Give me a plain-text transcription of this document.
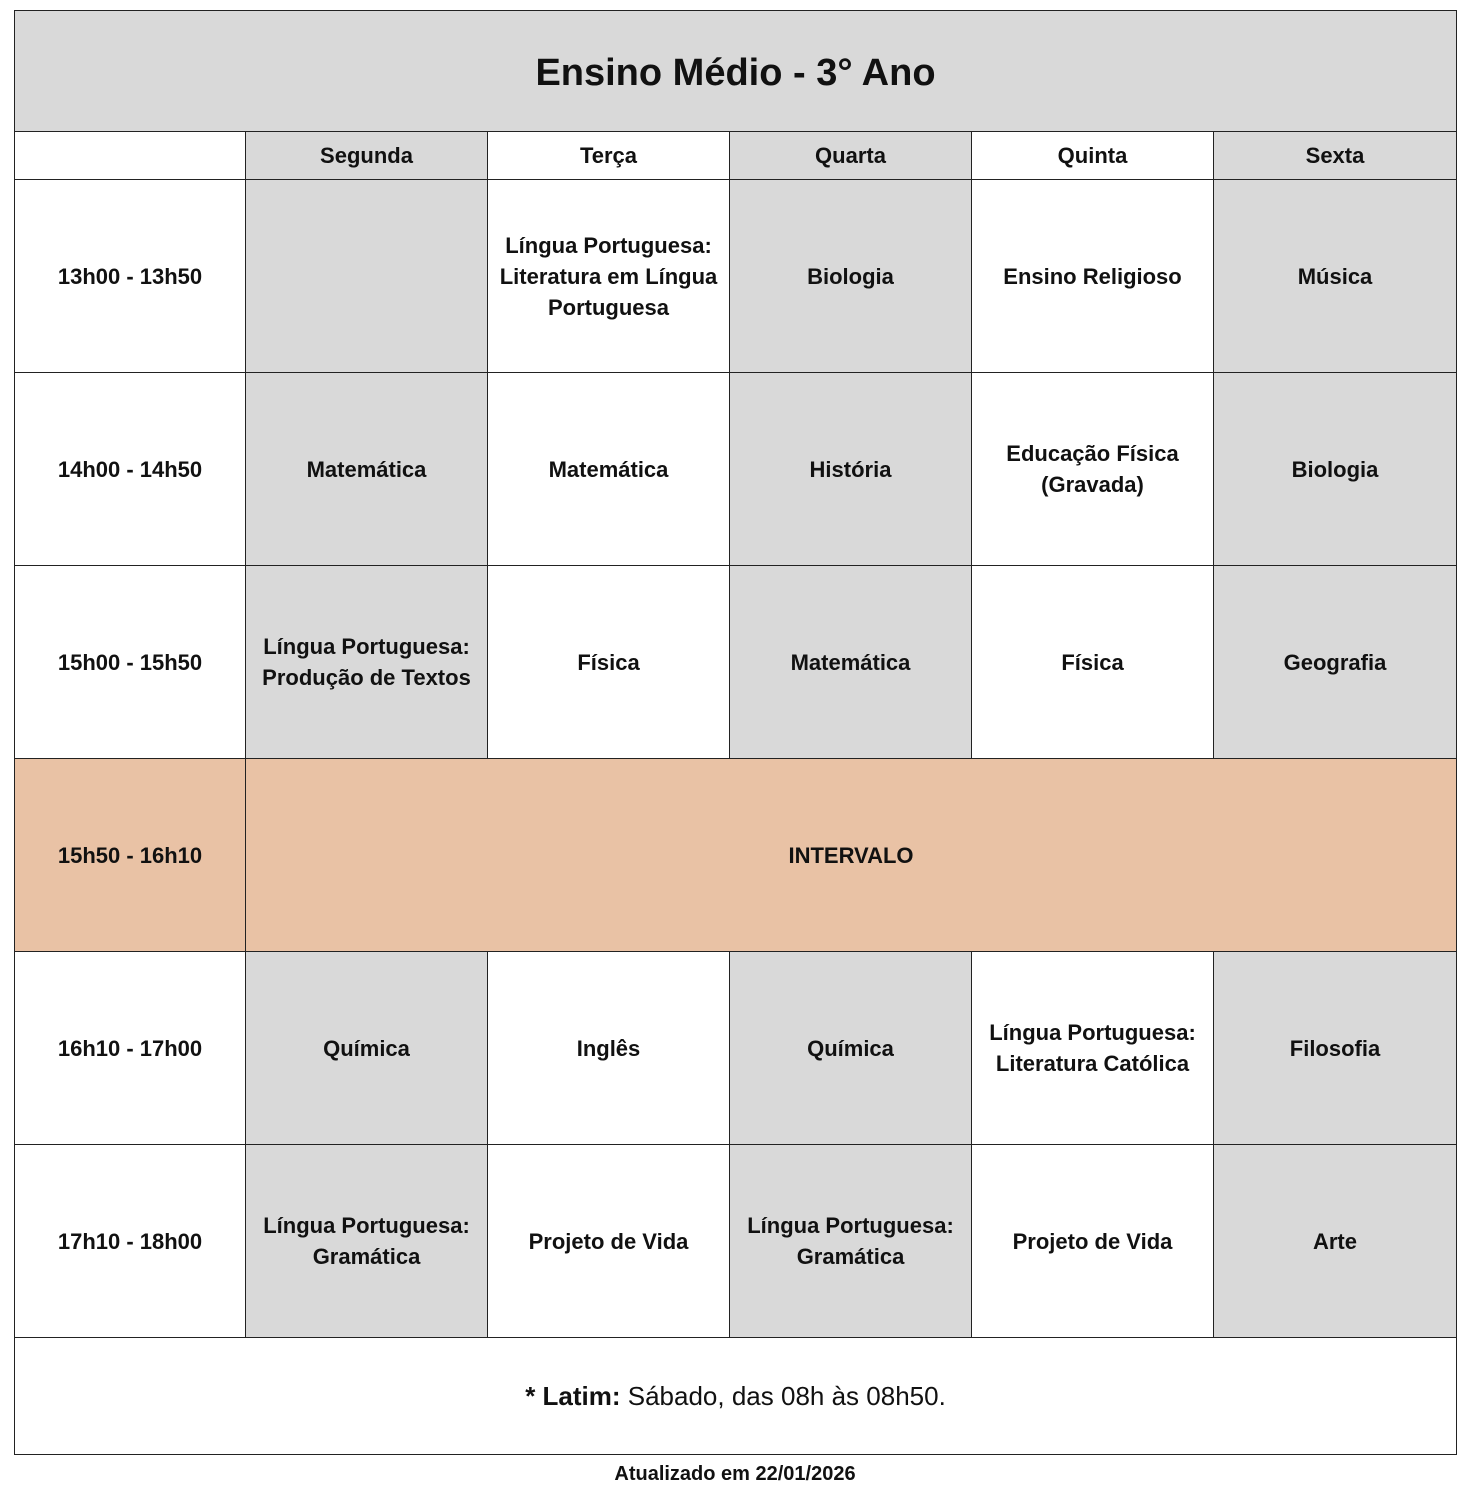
Ensino Médio - 3° Ano					
	Segunda	Terça	Quarta	Quinta	Sexta
13h00 - 13h50		Língua Portuguesa: Literatura em Língua Portuguesa	Biologia	Ensino Religioso	Música
14h00 - 14h50	Matemática	Matemática	História	Educação Física (Gravada)	Biologia
15h00 - 15h50	Língua Portuguesa: Produção de Textos	Física	Matemática	Física	Geografia
15h50 - 16h10	INTERVALO				
16h10 - 17h00	Química	Inglês	Química	Língua Portuguesa: Literatura Católica	Filosofia
17h10 - 18h00	Língua Portuguesa: Gramática	Projeto de Vida	Língua Portuguesa: Gramática	Projeto de Vida	Arte
* Latim: Sábado, das 08h às 08h50.					
Atualizado em 22/01/2026
